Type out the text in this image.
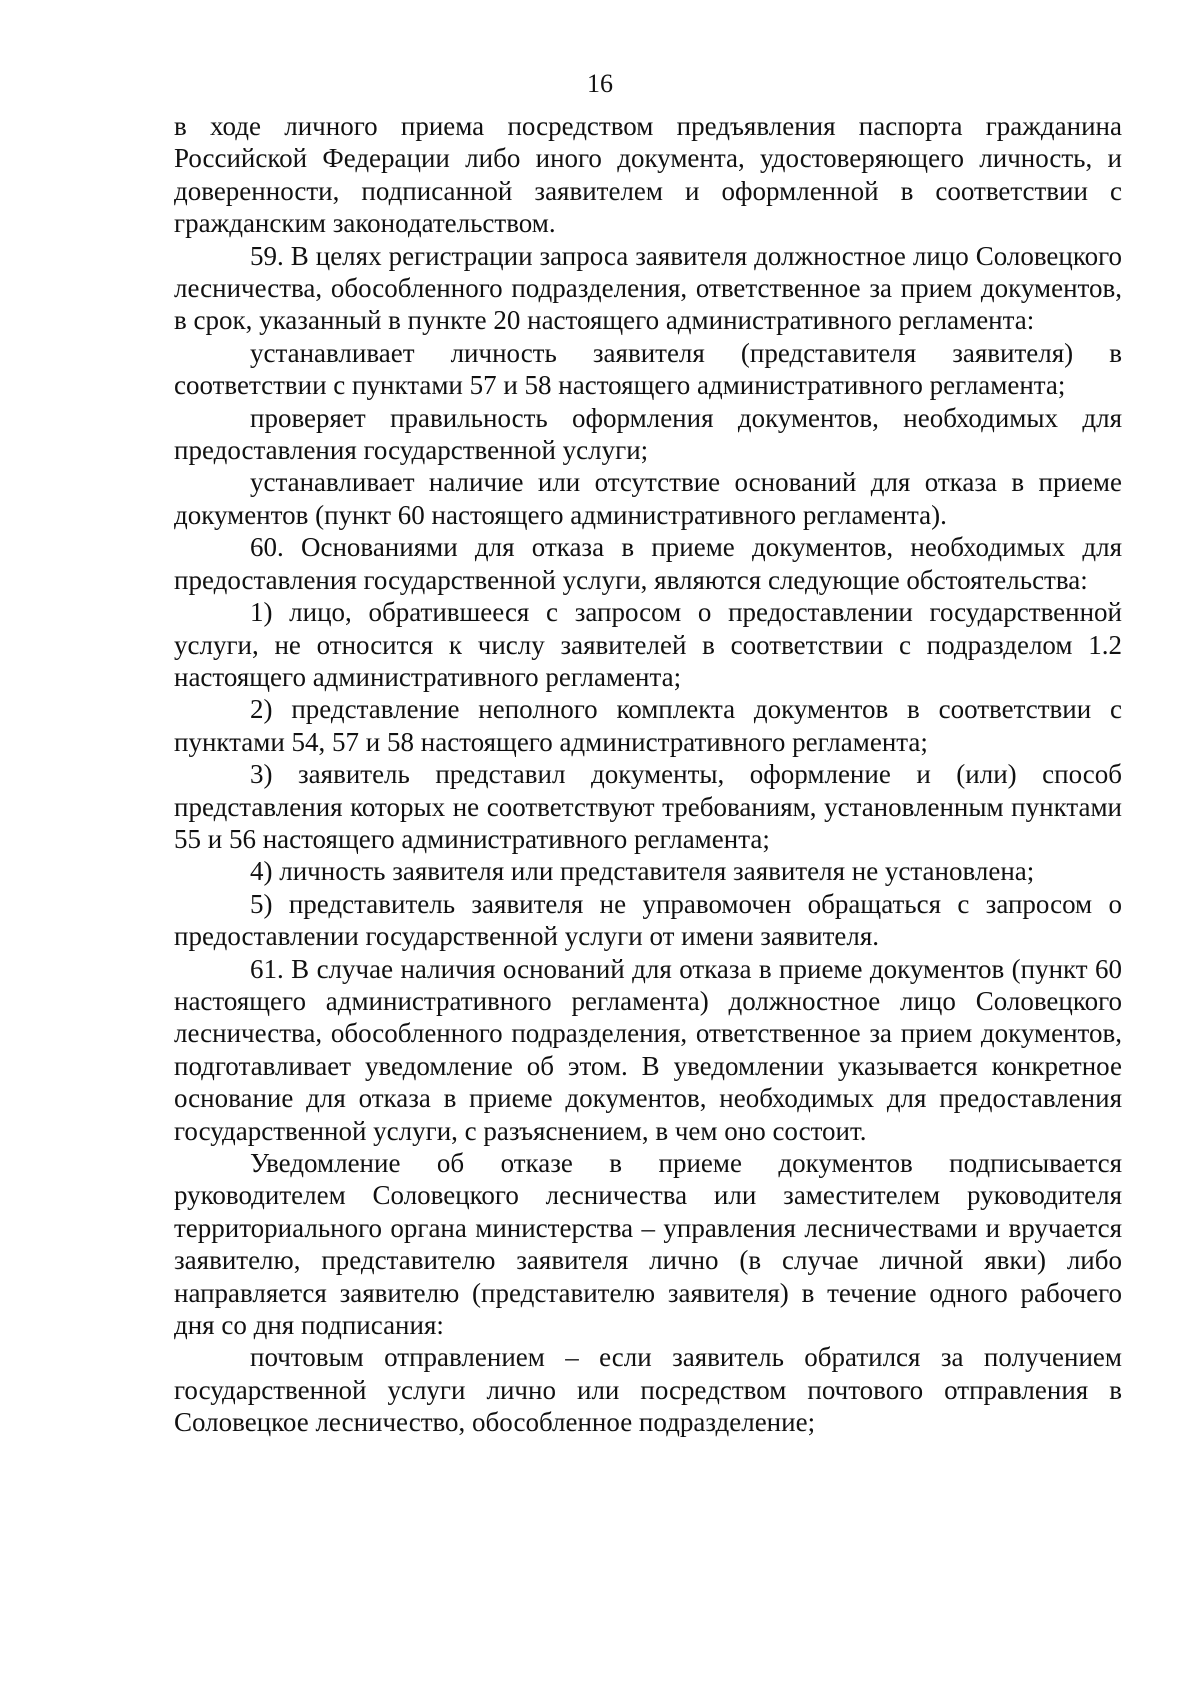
16

в ходе личного приема посредством предъявления паспорта гражданина Российской Федерации либо иного документа, удостоверяющего личность, и доверенности, подписанной заявителем и оформленной в соответствии с гражданским законодательством.

59. В целях регистрации запроса заявителя должностное лицо Соловецкого лесничества, обособленного подразделения, ответственное за прием документов, в срок, указанный в пункте 20 настоящего административного регламента:

устанавливает личность заявителя (представителя заявителя) в соответствии с пунктами 57 и 58 настоящего административного регламента;

проверяет правильность оформления документов, необходимых для предоставления государственной услуги;

устанавливает наличие или отсутствие оснований для отказа в приеме документов (пункт 60 настоящего административного регламента).

60. Основаниями для отказа в приеме документов, необходимых для предоставления государственной услуги, являются следующие обстоятельства:

1) лицо, обратившееся с запросом о предоставлении государственной услуги, не относится к числу заявителей в соответствии с подразделом 1.2 настоящего административного регламента;

2) представление неполного комплекта документов в соответствии с пунктами 54, 57 и 58 настоящего административного регламента;

3) заявитель представил документы, оформление и (или) способ представления которых не соответствуют требованиям, установленным пунктами 55 и 56 настоящего административного регламента;

4) личность заявителя или представителя заявителя не установлена;

5) представитель заявителя не управомочен обращаться с запросом о предоставлении государственной услуги от имени заявителя.

61. В случае наличия оснований для отказа в приеме документов (пункт 60 настоящего административного регламента) должностное лицо Соловецкого лесничества, обособленного подразделения, ответственное за прием документов, подготавливает уведомление об этом. В уведомлении указывается конкретное основание для отказа в приеме документов, необходимых для предоставления государственной услуги, с разъяснением, в чем оно состоит.

Уведомление об отказе в приеме документов подписывается руководителем Соловецкого лесничества или заместителем руководителя территориального органа министерства – управления лесничествами и вручается заявителю, представителю заявителя лично (в случае личной явки) либо направляется заявителю (представителю заявителя) в течение одного рабочего дня со дня подписания:

почтовым отправлением – если заявитель обратился за получением государственной услуги лично или посредством почтового отправления в Соловецкое лесничество, обособленное подразделение;
